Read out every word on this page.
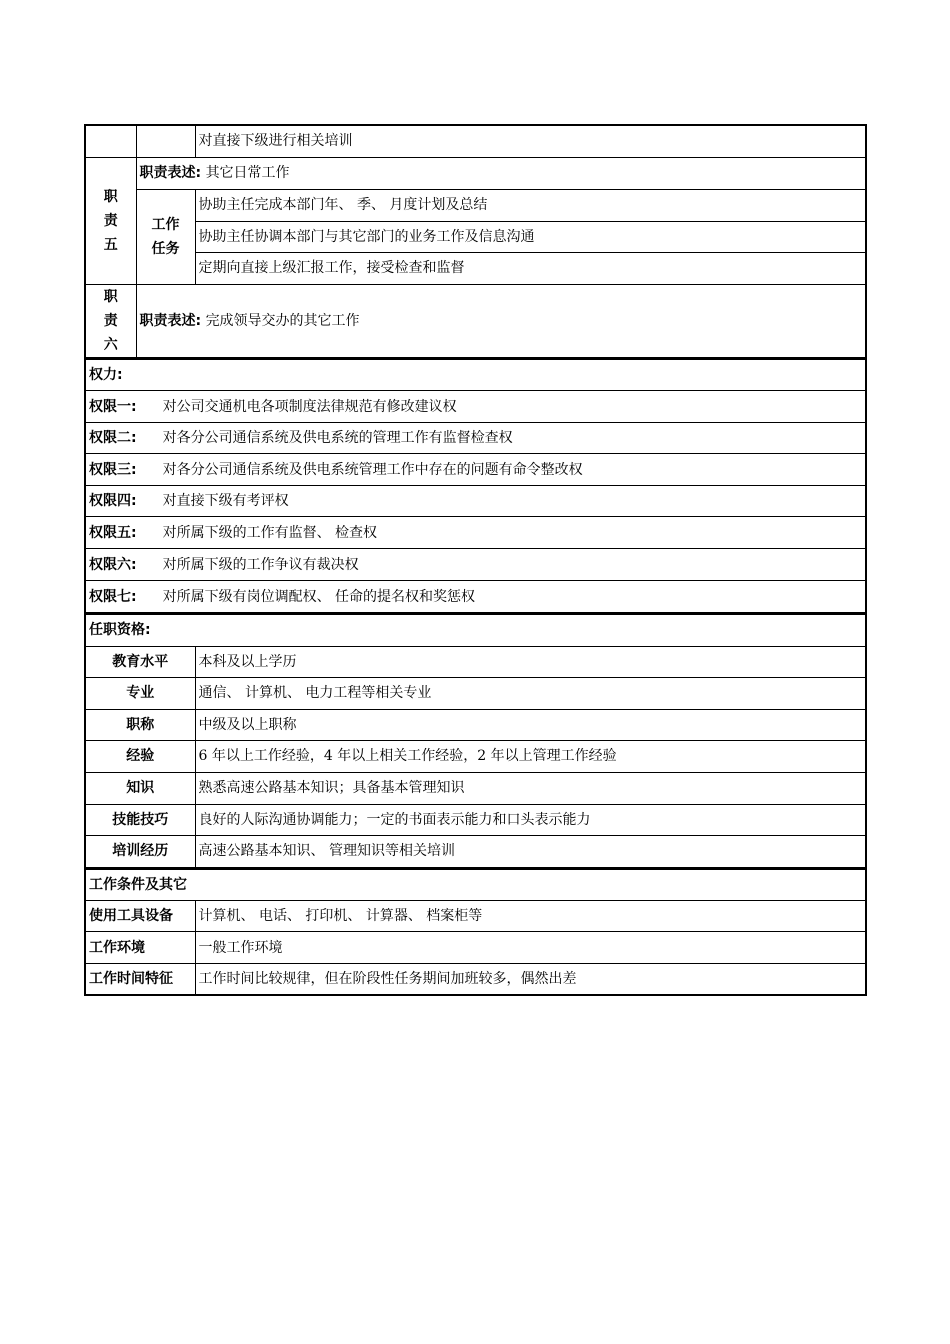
		对直接下级进行相关培训
职
责
五	职责表述: 其它日常工作	
	工作任务	协助主任完成本部门年、 季、 月度计划及总结
		协助主任协调本部门与其它部门的业务工作及信息沟通
		定期向直接上级汇报工作，接受检查和监督
职
责
六	职责表述: 完成领导交办的其它工作	
权力:
权限一: 对公司交通机电各项制度法律规范有修改建议权
权限二: 对各分公司通信系统及供电系统的管理工作有监督检查权
权限三: 对各分公司通信系统及供电系统管理工作中存在的问题有命令整改权
权限四: 对直接下级有考评权
权限五: 对所属下级的工作有监督、 检查权
权限六: 对所属下级的工作争议有裁决权
权限七: 对所属下级有岗位调配权、 任命的提名权和奖惩权
任职资格:	
教育水平	本科及以上学历
专业	通信、 计算机、 电力工程等相关专业
职称	中级及以上职称
经验	6 年以上工作经验，4 年以上相关工作经验，2 年以上管理工作经验
知识	熟悉高速公路基本知识；具备基本管理知识
技能技巧	良好的人际沟通协调能力；一定的书面表示能力和口头表示能力
培训经历	高速公路基本知识、 管理知识等相关培训
工作条件及其它	
使用工具设备	计算机、 电话、 打印机、 计算器、 档案柜等
工作环境	一般工作环境
工作时间特征	工作时间比较规律，但在阶段性任务期间加班较多，偶然出差
